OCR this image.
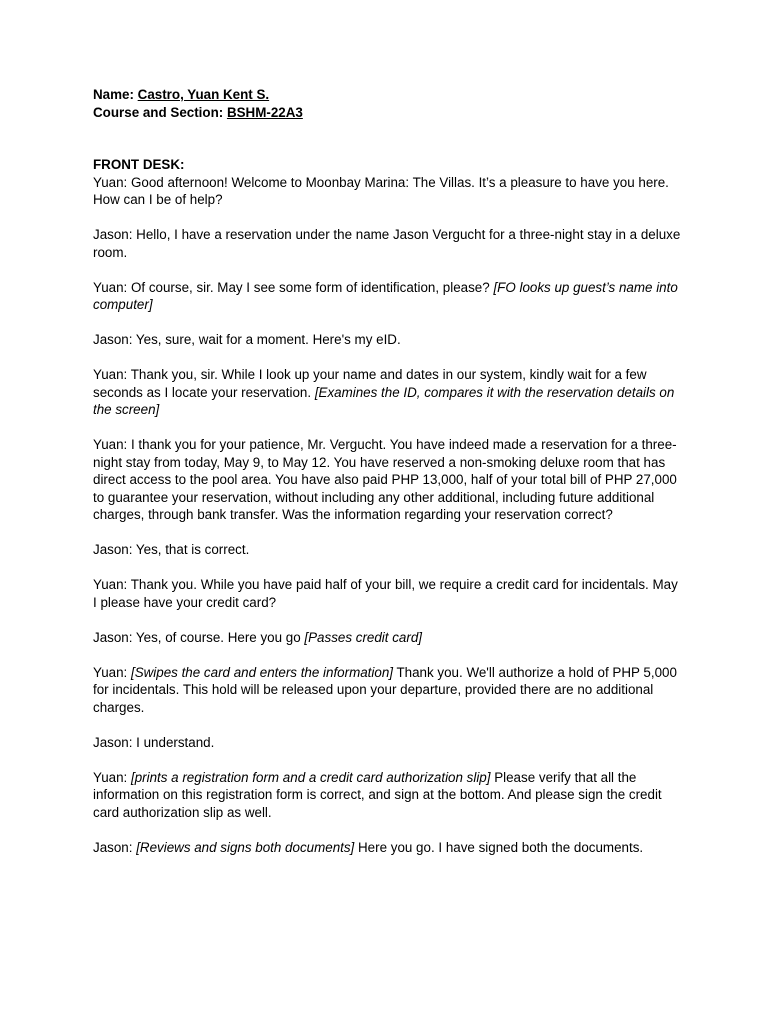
Name: Castro, Yuan Kent S.
Course and Section: BSHM-22A3
FRONT DESK:

Yuan: Good afternoon! Welcome to Moonbay Marina: The Villas. It’s a pleasure to have you here. How can I be of help?

Jason: Hello, I have a reservation under the name Jason Vergucht for a three-night stay in a deluxe room.

Yuan: Of course, sir. May I see some form of identification, please? [FO looks up guest’s name into computer]

Jason: Yes, sure, wait for a moment. Here's my eID.

Yuan: Thank you, sir. While I look up your name and dates in our system, kindly wait for a few seconds as I locate your reservation. [Examines the ID, compares it with the reservation details on the screen]

Yuan: I thank you for your patience, Mr. Vergucht. You have indeed made a reservation for a three-night stay from today, May 9, to May 12. You have reserved a non-smoking deluxe room that has direct access to the pool area. You have also paid PHP 13,000, half of your total bill of PHP 27,000 to guarantee your reservation, without including any other additional, including future additional charges, through bank transfer. Was the information regarding your reservation correct?

Jason: Yes, that is correct.

Yuan: Thank you. While you have paid half of your bill, we require a credit card for incidentals. May I please have your credit card?

Jason: Yes, of course. Here you go [Passes credit card]

Yuan: [Swipes the card and enters the information] Thank you. We'll authorize a hold of PHP 5,000 for incidentals. This hold will be released upon your departure, provided there are no additional charges.

Jason: I understand.

Yuan: [prints a registration form and a credit card authorization slip] Please verify that all the information on this registration form is correct, and sign at the bottom. And please sign the credit card authorization slip as well.

Jason: [Reviews and signs both documents] Here you go. I have signed both the documents.
